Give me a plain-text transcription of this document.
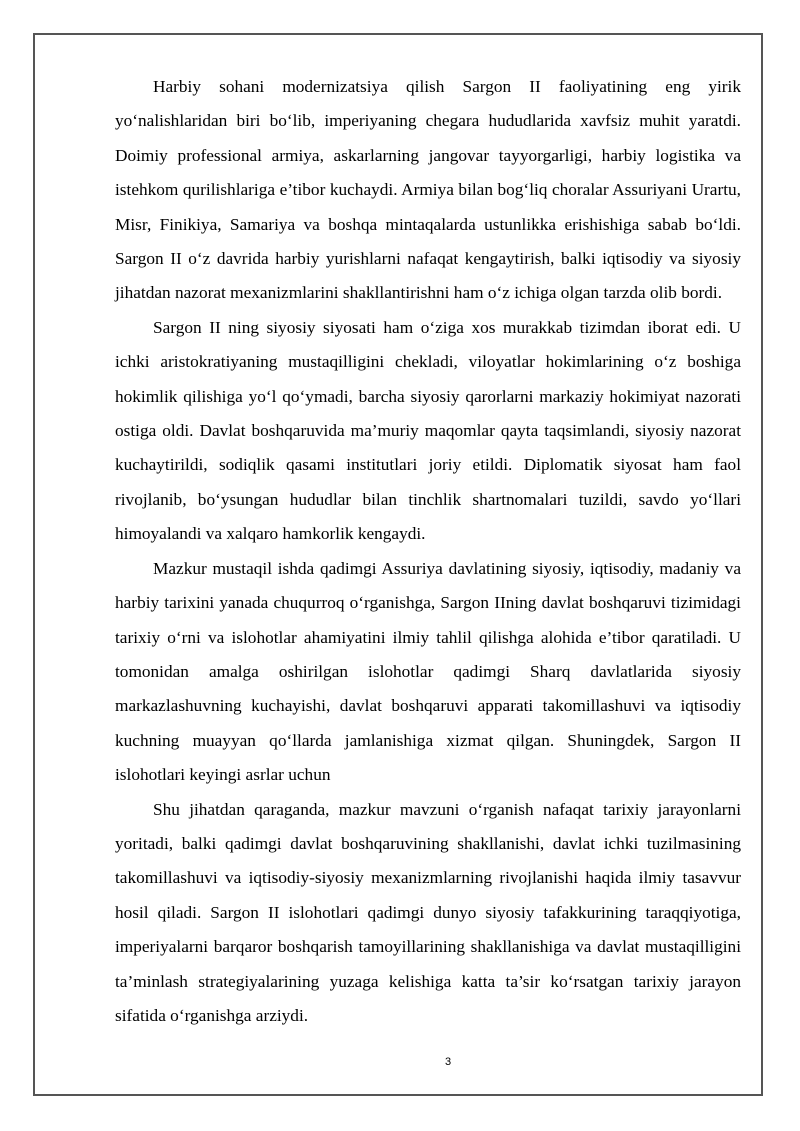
Harbiy sohani modernizatsiya qilish Sargon II faoliyatining eng yirik yo‘nalishlaridan biri bo‘lib, imperiyaning chegara hududlarida xavfsiz muhit yaratdi. Doimiy professional armiya, askarlarning jangovar tayyorgarligi, harbiy logistika va istehkom qurilishlariga e’tibor kuchaydi. Armiya bilan bog‘liq choralar Assuriyani Urartu, Misr, Finikiya, Samariya va boshqa mintaqalarda ustunlikka erishishiga sabab bo‘ldi. Sargon II o‘z davrida harbiy yurishlarni nafaqat kengaytirish, balki iqtisodiy va siyosiy jihatdan nazorat mexanizmlarini shakllantirishni ham o‘z ichiga olgan tarzda olib bordi.

Sargon II ning siyosiy siyosati ham o‘ziga xos murakkab tizimdan iborat edi. U ichki aristokratiyaning mustaqilligini chekladi, viloyatlar hokimlarining o‘z boshiga hokimlik qilishiga yo‘l qo‘ymadi, barcha siyosiy qarorlarni markaziy hokimiyat nazorati ostiga oldi. Davlat boshqaruvida ma’muriy maqomlar qayta taqsimlandi, siyosiy nazorat kuchaytirildi, sodiqlik qasami institutlari joriy etildi. Diplomatik siyosat ham faol rivojlanib, bo‘ysungan hududlar bilan tinchlik shartnomalari tuzildi, savdo yo‘llari himoyalandi va xalqaro hamkorlik kengaydi.

Mazkur mustaqil ishda qadimgi Assuriya davlatining siyosiy, iqtisodiy, madaniy va harbiy tarixini yanada chuqurroq o‘rganishga, Sargon IIning davlat boshqaruvi tizimidagi tarixiy o‘rni va islohotlar ahamiyatini ilmiy tahlil qilishga alohida e’tibor qaratiladi. U tomonidan amalga oshirilgan islohotlar qadimgi Sharq davlatlarida siyosiy markazlashuvning kuchayishi, davlat boshqaruvi apparati takomillashuvi va iqtisodiy kuchning muayyan qo‘llarda jamlanishiga xizmat qilgan. Shuningdek, Sargon II islohotlari keyingi asrlar uchun

Shu jihatdan qaraganda, mazkur mavzuni o‘rganish nafaqat tarixiy jarayonlarni yoritadi, balki qadimgi davlat boshqaruvining shakllanishi, davlat ichki tuzilmasining takomillashuvi va iqtisodiy-siyosiy mexanizmlarning rivojlanishi haqida ilmiy tasavvur hosil qiladi. Sargon II islohotlari qadimgi dunyo siyosiy tafakkurining taraqqiyotiga, imperiyalarni barqaror boshqarish tamoyillarining shakllanishiga va davlat mustaqilligini ta’minlash strategiyalarining yuzaga kelishiga katta ta’sir ko‘rsatgan tarixiy jarayon sifatida o‘rganishga arziydi.

3
